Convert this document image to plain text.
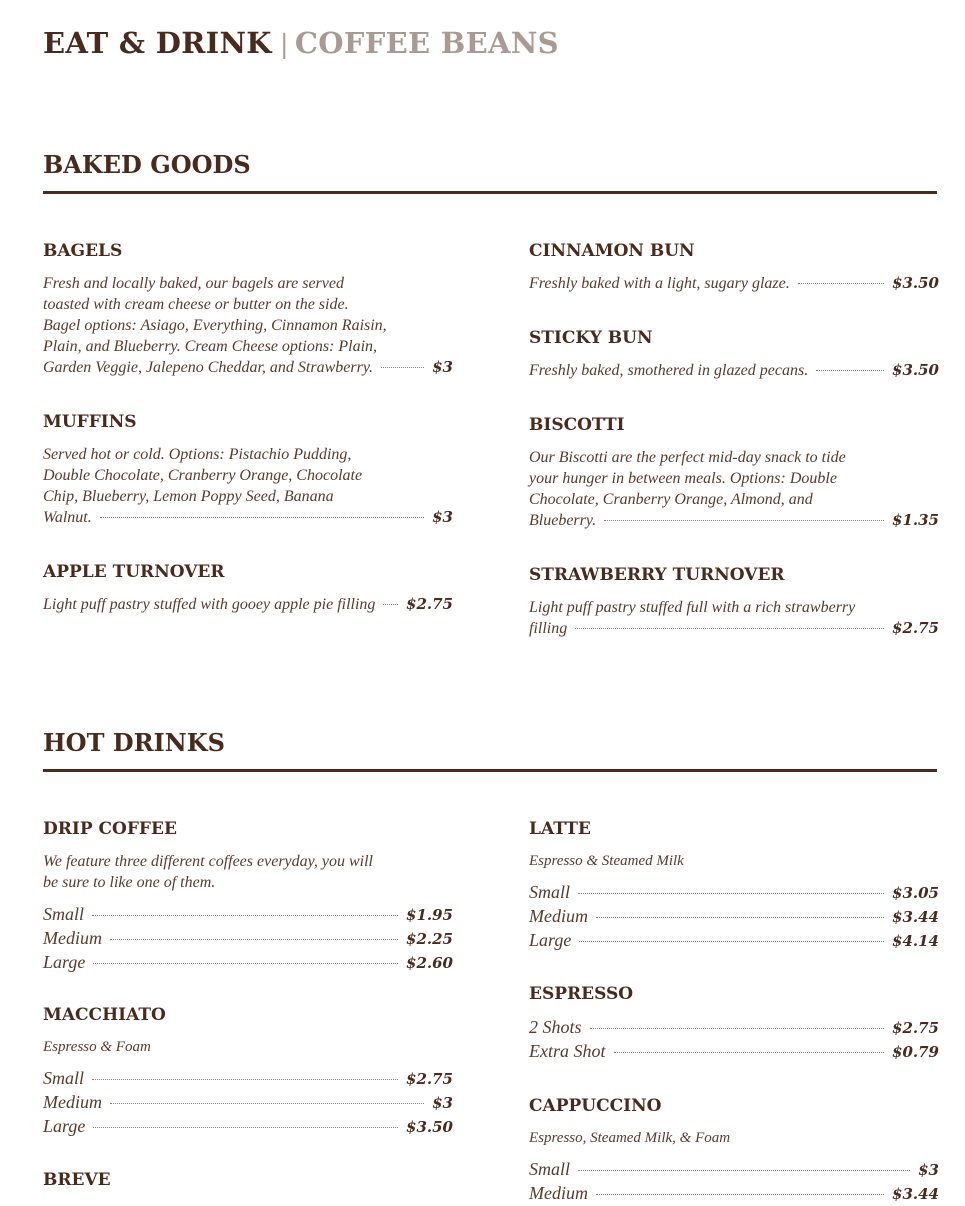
EAT & DRINK | COFFEE BEANS
BAKED GOODS
BAGELS
Fresh and locally baked, our bagels are served toasted with cream cheese or butter on the side. Bagel options: Asiago, Everything, Cinnamon Raisin, Plain, and Blueberry. Cream Cheese options: Plain,
Garden Veggie, Jalepeno Cheddar, and Strawberry.	$3
MUFFINS
Served hot or cold. Options: Pistachio Pudding, Double Chocolate, Cranberry Orange, Chocolate Chip, Blueberry, Lemon Poppy Seed, Banana
Walnut.	$3
APPLE TURNOVER
Light puff pastry stuffed with gooey apple pie filling $2.75
CINNAMON BUN
Freshly baked with a light, sugary glaze.	$3.50
STICKY BUN
Freshly baked, smothered in glazed pecans.	$3.50
BISCOTTI
Our Biscotti are the perfect mid-day snack to tide your hunger in between meals. Options: Double Chocolate, Cranberry Orange, Almond, and
Blueberry.	$1.35
STRAWBERRY TURNOVER
Light puff pastry stuffed full with a rich strawberry
filling	$2.75
HOT DRINKS
DRIP COFFEE
We feature three different coffees everyday, you will be sure to like one of them.
Small	$1.95
Medium	$2.25
Large	$2.60
MACCHIATO
Espresso & Foam
Small	$2.75
Medium	$3
Large	$3.50
BREVE
LATTE
Espresso & Steamed Milk
Small	$3.05
Medium	$3.44
Large	$4.14
ESPRESSO
2 Shots	$2.75
Extra Shot	$0.79
CAPPUCCINO
Espresso, Steamed Milk, & Foam
Small	$3
Medium	$3.44
